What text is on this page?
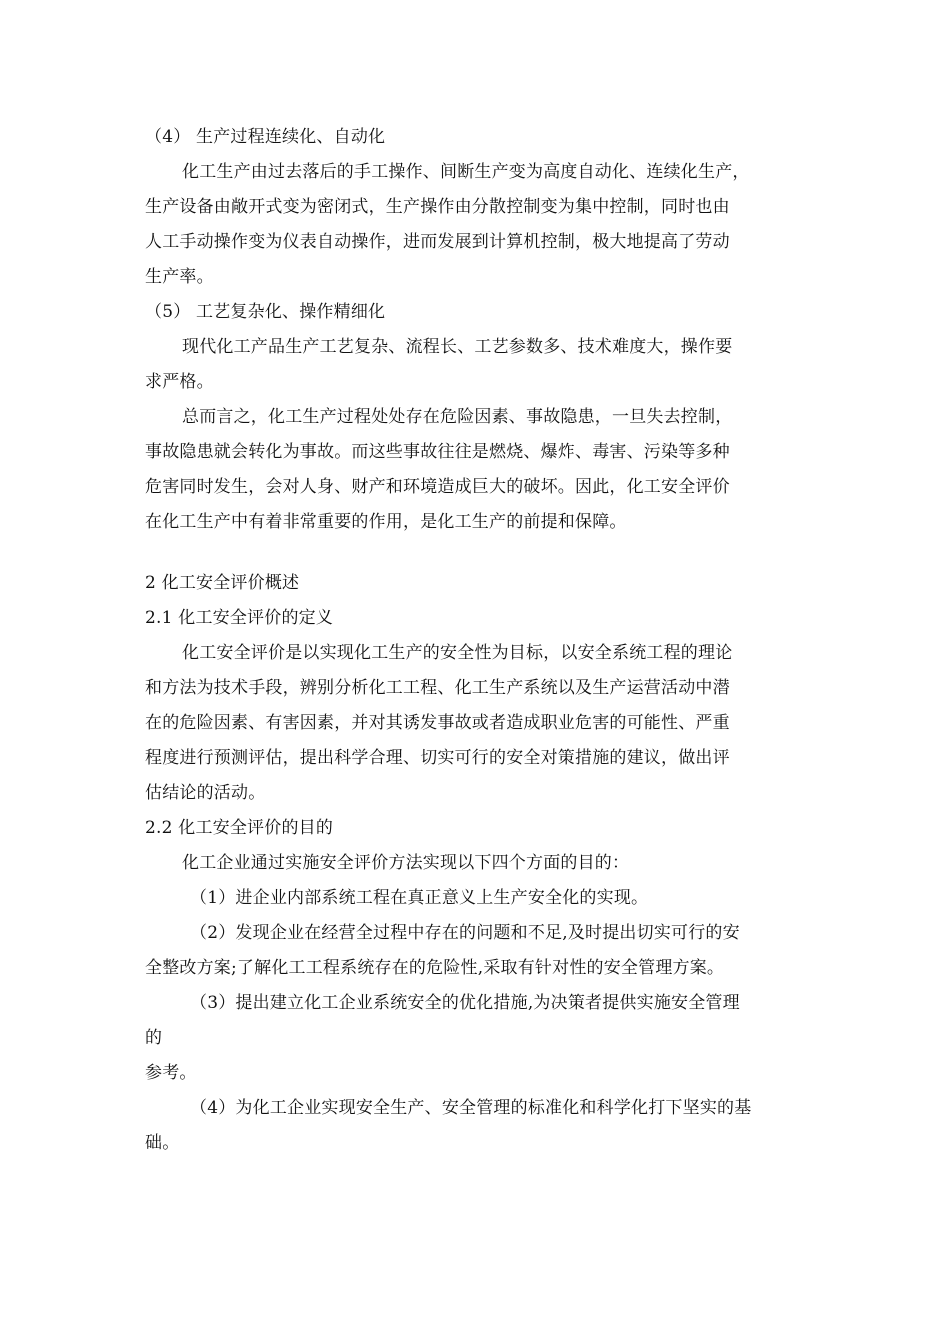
（4） 生产过程连续化、自动化
化工生产由过去落后的手工操作、间断生产变为高度自动化、连续化生产，
生产设备由敞开式变为密闭式，生产操作由分散控制变为集中控制，同时也由
人工手动操作变为仪表自动操作，进而发展到计算机控制，极大地提高了劳动
生产率。
（5） 工艺复杂化、操作精细化
现代化工产品生产工艺复杂、流程长、工艺参数多、技术难度大，操作要
求严格。
总而言之，化工生产过程处处存在危险因素、事故隐患，一旦失去控制，
事故隐患就会转化为事故。而这些事故往往是燃烧、爆炸、毒害、污染等多种
危害同时发生，会对人身、财产和环境造成巨大的破坏。因此，化工安全评价
在化工生产中有着非常重要的作用，是化工生产的前提和保障。
2 化工安全评价概述
2.1 化工安全评价的定义
化工安全评价是以实现化工生产的安全性为目标，以安全系统工程的理论
和方法为技术手段，辨别分析化工工程、化工生产系统以及生产运营活动中潜
在的危险因素、有害因素，并对其诱发事故或者造成职业危害的可能性、严重
程度进行预测评估，提出科学合理、切实可行的安全对策措施的建议，做出评
估结论的活动。
2.2 化工安全评价的目的
化工企业通过实施安全评价方法实现以下四个方面的目的：
（1）进企业内部系统工程在真正意义上生产安全化的实现。
（2）发现企业在经营全过程中存在的问题和不足,及时提出切实可行的安
全整改方案;了解化工工程系统存在的危险性,采取有针对性的安全管理方案。
（3）提出建立化工企业系统安全的优化措施,为决策者提供实施安全管理
的
参考。
（4）为化工企业实现安全生产、安全管理的标准化和科学化打下坚实的基
础。
